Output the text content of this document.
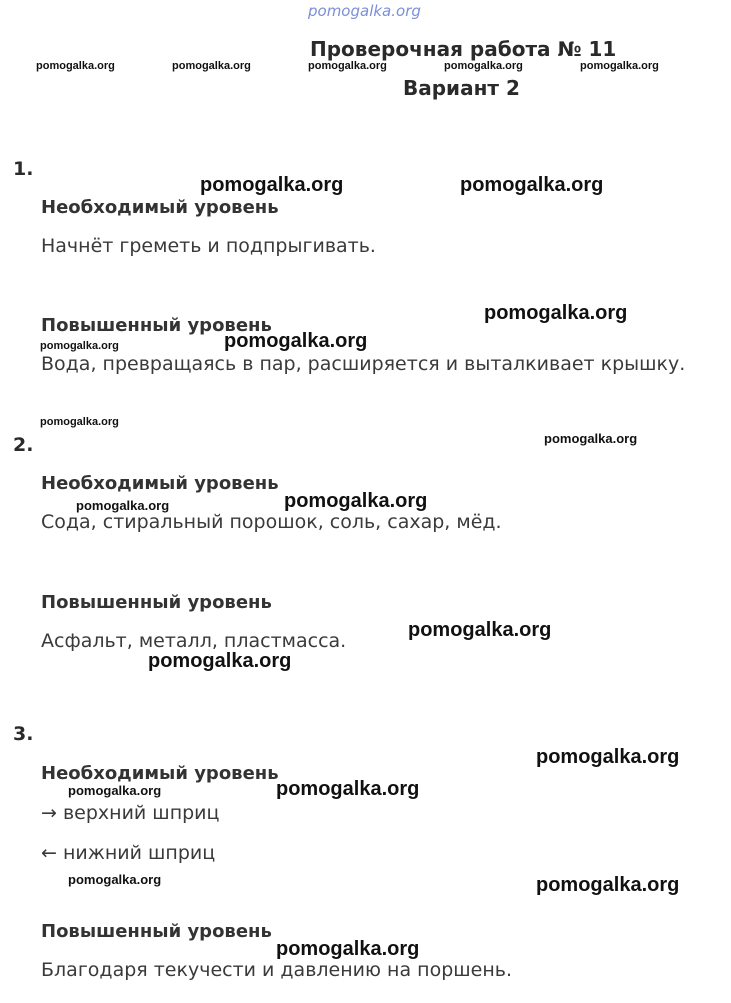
pomogalka.org
Проверочная работа № 11
Вариант 2
pomogalka.org	pomogalka.org	pomogalka.org	pomogalka.org	pomogalka.org
1.
pomogalka.org	pomogalka.org
Необходимый уровень
Начнёт греметь и подпрыгивать.
pomogalka.org
Повышенный уровень
pomogalka.org	pomogalka.org
Вода, превращаясь в пар, расширяется и выталкивает крышку.
pomogalka.org
2.	pomogalka.org
Необходимый уровень
pomogalka.org	pomogalka.org
Сода, стиральный порошок, соль, сахар, мёд.
Повышенный уровень
pomogalka.org
Асфальт, металл, пластмасса.
pomogalka.org
3.
pomogalka.org
Необходимый уровень
pomogalka.org	pomogalka.org
→ верхний шприц
← нижний шприц
pomogalka.org	pomogalka.org
Повышенный уровень
pomogalka.org
Благодаря текучести и давлению на поршень.
